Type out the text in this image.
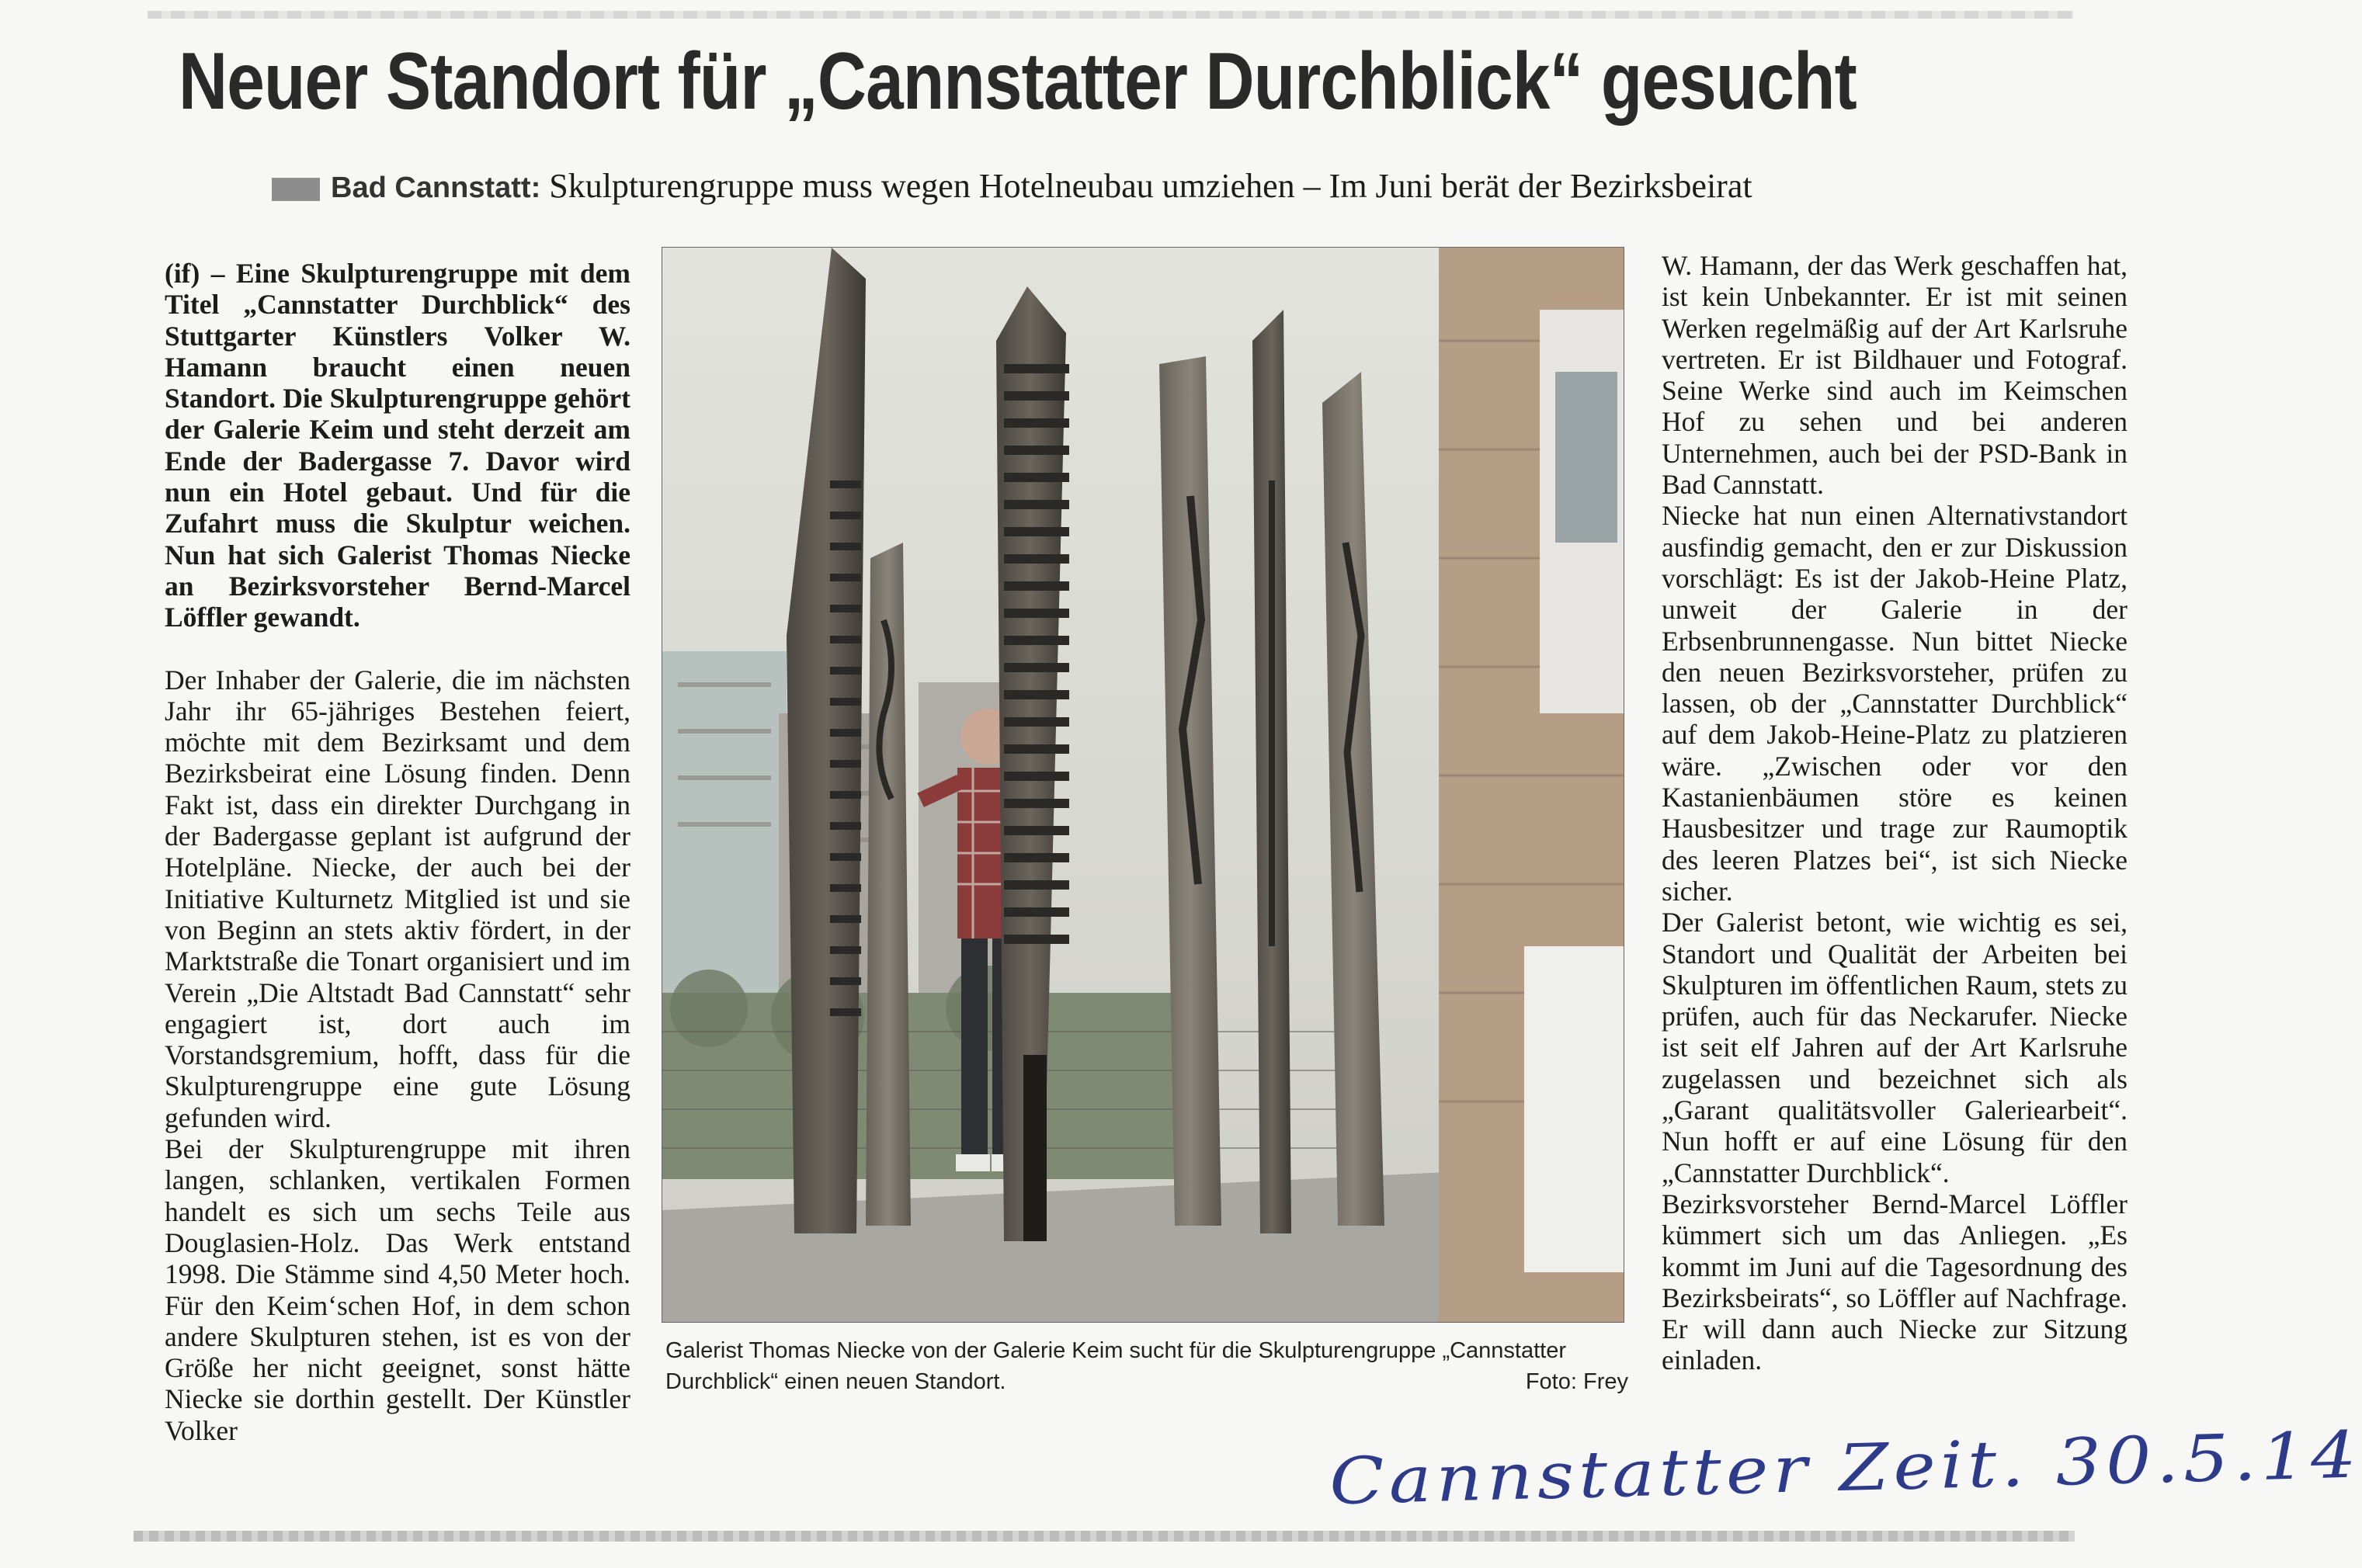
Neuer Standort für „Cannstatter Durchblick“ gesucht
Bad Cannstatt: Skulpturengruppe muss wegen Hotelneubau umziehen – Im Juni berät der Bezirksbeirat

(if) – Eine Skulpturengruppe mit dem Titel „Cannstatter Durchblick“ des Stuttgarter Künstlers Volker W. Hamann braucht einen neuen Standort. Die Skulpturengruppe gehört der Galerie Keim und steht derzeit am Ende der Badergasse 7. Davor wird nun ein Hotel gebaut. Und für die Zufahrt muss die Skulptur weichen. Nun hat sich Galerist Thomas Niecke an Bezirksvorsteher Bernd-Marcel Löffler gewandt.

Der Inhaber der Galerie, die im nächsten Jahr ihr 65-jähriges Bestehen feiert, möchte mit dem Bezirksamt und dem Bezirksbeirat eine Lösung finden. Denn Fakt ist, dass ein direkter Durchgang in der Badergasse geplant ist aufgrund der Hotelpläne. Niecke, der auch bei der Initiative Kulturnetz Mitglied ist und sie von Beginn an stets aktiv fördert, in der Marktstraße die Tonart organisiert und im Verein „Die Altstadt Bad Cannstatt“ sehr engagiert ist, dort auch im Vorstandsgremium, hofft, dass für die Skulpturengruppe eine gute Lösung gefunden wird.

Bei der Skulpturengruppe mit ihren langen, schlanken, vertikalen Formen handelt es sich um sechs Teile aus Douglasien-Holz. Das Werk entstand 1998. Die Stämme sind 4,50 Meter hoch. Für den Keim‘schen Hof, in dem schon andere Skulpturen stehen, ist es von der Größe her nicht geeignet, sonst hätte Niecke sie dorthin gestellt. Der Künstler Volker

Galerist Thomas Niecke von der Galerie Keim sucht für die Skulpturengruppe „Cannstatter Durchblick“ einen neuen Standort.	Foto: Frey

W. Hamann, der das Werk geschaffen hat, ist kein Unbekannter. Er ist mit seinen Werken regelmäßig auf der Art Karlsruhe vertreten. Er ist Bildhauer und Fotograf. Seine Werke sind auch im Keimschen Hof zu sehen und bei anderen Unternehmen, auch bei der PSD-Bank in Bad Cannstatt.

Niecke hat nun einen Alternativstandort ausfindig gemacht, den er zur Diskussion vorschlägt: Es ist der Jakob-Heine Platz, unweit der Galerie in der Erbsenbrunnengasse. Nun bittet Niecke den neuen Bezirksvorsteher, prüfen zu lassen, ob der „Cannstatter Durchblick“ auf dem Jakob-Heine-Platz zu platzieren wäre. „Zwischen oder vor den Kastanienbäumen störe es keinen Hausbesitzer und trage zur Raumoptik des leeren Platzes bei“, ist sich Niecke sicher.

Der Galerist betont, wie wichtig es sei, Standort und Qualität der Arbeiten bei Skulpturen im öffentlichen Raum, stets zu prüfen, auch für das Neckarufer. Niecke ist seit elf Jahren auf der Art Karlsruhe zugelassen und bezeichnet sich als „Garant qualitätsvoller Galeriearbeit“. Nun hofft er auf eine Lösung für den „Cannstatter Durchblick“.

Bezirksvorsteher Bernd-Marcel Löffler kümmert sich um das Anliegen. „Es kommt im Juni auf die Tagesordnung des Bezirksbeirats“, so Löffler auf Nachfrage. Er will dann auch Niecke zur Sitzung einladen.

Cannstatter Zeit. 30.5.14
